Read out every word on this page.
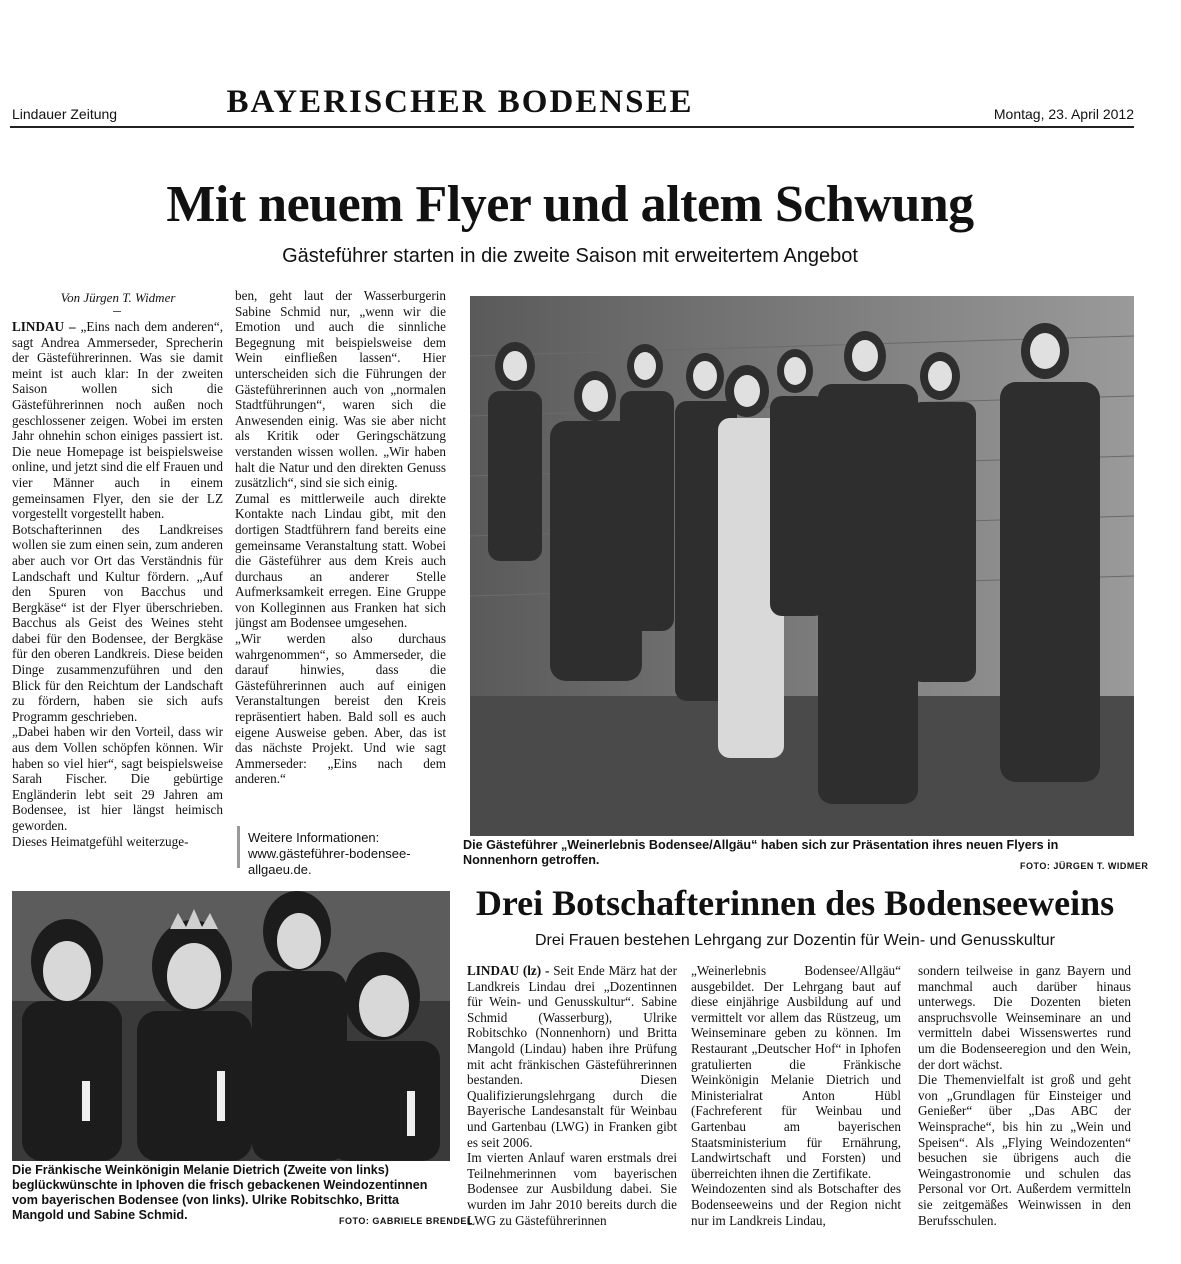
Lindauer Zeitung	BAYERISCHER BODENSEE	Montag, 23. April 2012
Mit neuem Flyer und altem Schwung
Gästeführer starten in die zweite Saison mit erweitertem Angebot
Von Jürgen T. Widmer
LINDAU – „Eins nach dem anderen“, sagt Andrea Ammerseder, Sprecherin der Gästeführerinnen. Was sie damit meint ist auch klar: In der zweiten Saison wollen sich die Gästeführerinnen noch außen noch geschlossener zeigen. Wobei im ersten Jahr ohnehin schon einiges passiert ist. Die neue Homepage ist beispielsweise online, und jetzt sind die elf Frauen und vier Männer auch in einem gemeinsamen Flyer, den sie der LZ vorgestellt vorgestellt haben.
Botschafterinnen des Landkreises wollen sie zum einen sein, zum anderen aber auch vor Ort das Verständnis für Landschaft und Kultur fördern. „Auf den Spuren von Bacchus und Bergkäse“ ist der Flyer überschrieben. Bacchus als Geist des Weines steht dabei für den Bodensee, der Bergkäse für den oberen Landkreis. Diese beiden Dinge zusammenzuführen und den Blick für den Reichtum der Landschaft zu fördern, haben sie sich aufs Programm geschrieben.
„Dabei haben wir den Vorteil, dass wir aus dem Vollen schöpfen können. Wir haben so viel hier“, sagt beispielsweise Sarah Fischer. Die gebürtige Engländerin lebt seit 29 Jahren am Bodensee, ist hier längst heimisch geworden.
Dieses Heimatgefühl weiterzuge-
ben, geht laut der Wasserburgerin Sabine Schmid nur, „wenn wir die Emotion und auch die sinnliche Begegnung mit beispielsweise dem Wein einfließen lassen“. Hier unterscheiden sich die Führungen der Gästeführerinnen auch von „normalen Stadtführungen“, waren sich die Anwesenden einig. Was sie aber nicht als Kritik oder Geringschätzung verstanden wissen wollen. „Wir haben halt die Natur und den direkten Genuss zusätzlich“, sind sie sich einig.
Zumal es mittlerweile auch direkte Kontakte nach Lindau gibt, mit den dortigen Stadtführern fand bereits eine gemeinsame Veranstaltung statt. Wobei die Gästeführer aus dem Kreis auch durchaus an anderer Stelle Aufmerksamkeit erregen. Eine Gruppe von Kolleginnen aus Franken hat sich jüngst am Bodensee umgesehen.
„Wir werden also durchaus wahrgenommen“, so Ammerseder, die darauf hinwies, dass die Gästeführerinnen auch auf einigen Veranstaltungen bereist den Kreis repräsentiert haben. Bald soll es auch eigene Ausweise geben. Aber, das ist das nächste Projekt. Und wie sagt Ammerseder: „Eins nach dem anderen.“
Weitere Informationen: www.gästeführer-bodensee-allgaeu.de.
Die Gästeführer „Weinerlebnis Bodensee/Allgäu“ haben sich zur Präsentation ihres neuen Flyers in Nonnenhorn getroffen.	FOTO: JÜRGEN T. WIDMER
Die Fränkische Weinkönigin Melanie Dietrich (Zweite von links) beglückwünschte in Iphoven die frisch gebackenen Weindozentinnen vom bayerischen Bodensee (von links). Ulrike Robitschko, Britta Mangold und Sabine Schmid.	FOTO: GABRIELE BRENDEL
Drei Botschafterinnen des Bodenseeweins
Drei Frauen bestehen Lehrgang zur Dozentin für Wein- und Genusskultur
LINDAU (lz) - Seit Ende März hat der Landkreis Lindau drei „Dozentinnen für Wein- und Genusskultur“. Sabine Schmid (Wasserburg), Ulrike Robitschko (Nonnenhorn) und Britta Mangold (Lindau) haben ihre Prüfung mit acht fränkischen Gästeführerinnen bestanden. Diesen Qualifizierungslehrgang durch die Bayerische Landesanstalt für Weinbau und Gartenbau (LWG) in Franken gibt es seit 2006.
Im vierten Anlauf waren erstmals drei Teilnehmerinnen vom bayerischen Bodensee zur Ausbildung dabei. Sie wurden im Jahr 2010 bereits durch die LWG zu Gästeführerinnen
„Weinerlebnis Bodensee/Allgäu“ ausgebildet. Der Lehrgang baut auf diese einjährige Ausbildung auf und vermittelt vor allem das Rüstzeug, um Weinseminare geben zu können. Im Restaurant „Deutscher Hof“ in Iphofen gratulierten die Fränkische Weinkönigin Melanie Dietrich und Ministerialrat Anton Hübl (Fachreferent für Weinbau und Gartenbau am bayerischen Staatsministerium für Ernährung, Landwirtschaft und Forsten) und überreichten ihnen die Zertifikate.
Weindozenten sind als Botschafter des Bodenseeweins und der Region nicht nur im Landkreis Lindau,
sondern teilweise in ganz Bayern und manchmal auch darüber hinaus unterwegs. Die Dozenten bieten anspruchsvolle Weinseminare an und vermitteln dabei Wissenswertes rund um die Bodenseeregion und den Wein, der dort wächst.
Die Themenvielfalt ist groß und geht von „Grundlagen für Einsteiger und Genießer“ über „Das ABC der Weinsprache“, bis hin zu „Wein und Speisen“. Als „Flying Weindozenten“ besuchen sie übrigens auch die Weingastronomie und schulen das Personal vor Ort. Außerdem vermitteln sie zeitgemäßes Weinwissen in den Berufsschulen.
